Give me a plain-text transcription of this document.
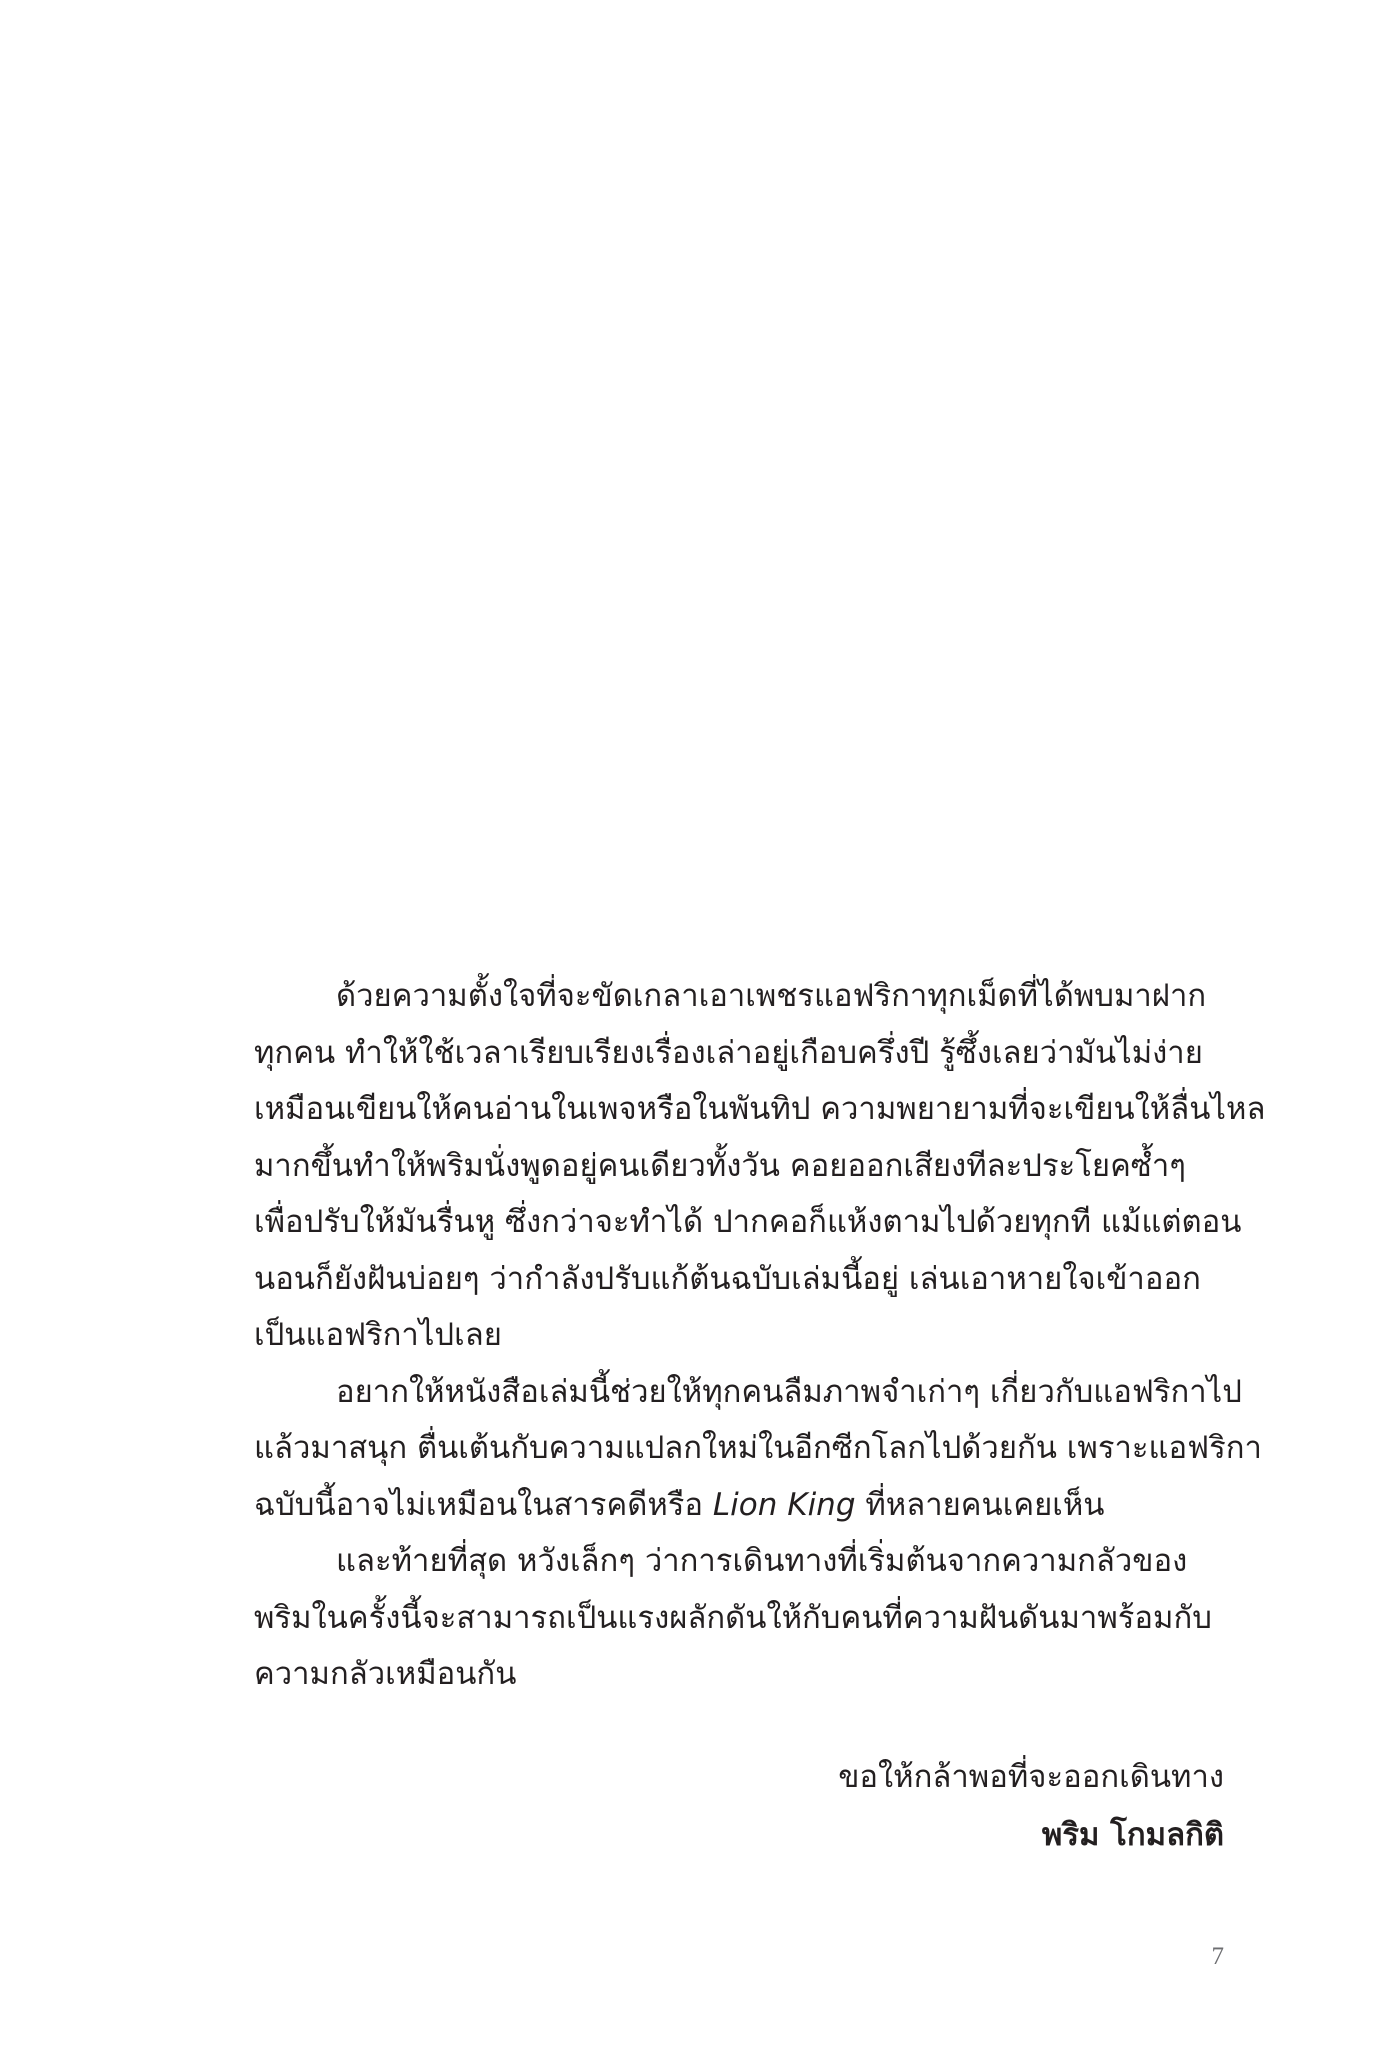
ด้วยความตั้งใจที่จะขัดเกลาเอาเพชรแอฟริกาทุกเม็ดที่ได้พบมาฝาก
ทุกคน ทำให้ใช้เวลาเรียบเรียงเรื่องเล่าอยู่เกือบครึ่งปี รู้ซึ้งเลยว่ามันไม่ง่าย
เหมือนเขียนให้คนอ่านในเพจหรือในพันทิป ความพยายามที่จะเขียนให้ลื่นไหล
มากขึ้นทำให้พริมนั่งพูดอยู่คนเดียวทั้งวัน คอยออกเสียงทีละประโยคซ้ำๆ
เพื่อปรับให้มันรื่นหู ซึ่งกว่าจะทำได้ ปากคอก็แห้งตามไปด้วยทุกที แม้แต่ตอน
นอนก็ยังฝันบ่อยๆ ว่ากำลังปรับแก้ต้นฉบับเล่มนี้อยู่ เล่นเอาหายใจเข้าออก
เป็นแอฟริกาไปเลย
อยากให้หนังสือเล่มนี้ช่วยให้ทุกคนลืมภาพจำเก่าๆ เกี่ยวกับแอฟริกาไป
แล้วมาสนุก ตื่นเต้นกับความแปลกใหม่ในอีกซีกโลกไปด้วยกัน เพราะแอฟริกา
ฉบับนี้อาจไม่เหมือนในสารคดีหรือ Lion King ที่หลายคนเคยเห็น
และท้ายที่สุด หวังเล็กๆ ว่าการเดินทางที่เริ่มต้นจากความกลัวของ
พริมในครั้งนี้จะสามารถเป็นแรงผลักดันให้กับคนที่ความฝันดันมาพร้อมกับ
ความกลัวเหมือนกัน
ขอให้กล้าพอที่จะออกเดินทาง
พริม โกมลกิติ
7
